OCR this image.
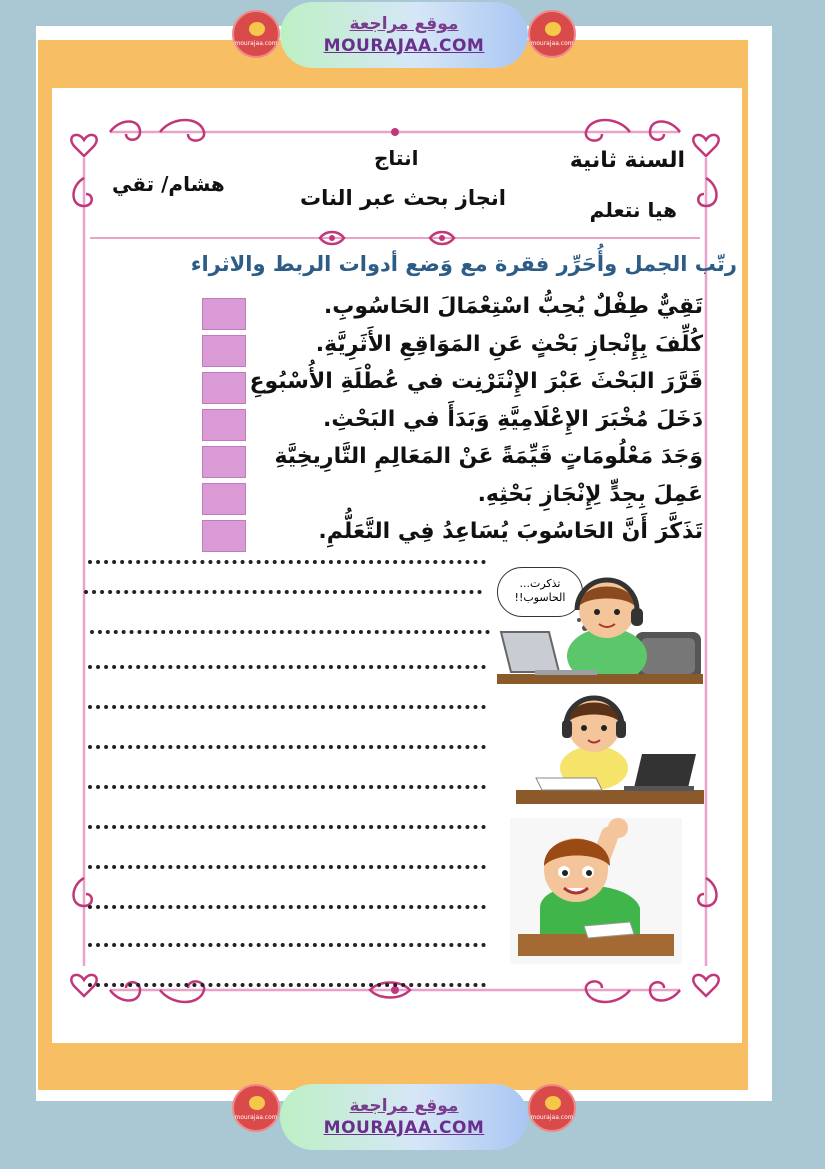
mourajaa.com
موقع مراجعة
MOURAJAA.COM	mourajaa.com
mourajaa.com
موقع مراجعة
MOURAJAA.COM
mourajaa.com
السنة ثانية
هيا نتعلم
انتاج
انجاز بحث عبر النات
هشام/ تقي
رتّب الجمل وأُحَرِّر فقرة مع وَضع أدوات الربط والاثراء
تَقِيٌّ طِفْلٌ يُحِبُّ اسْتِعْمَالَ الحَاسُوبِ.
كُلِّفَ بِإِنْجازِ بَحْثٍ عَنِ المَوَاقِعِ الأَثَرِيَّةِ.
قَرَّرَ البَحْثَ عَبْرَ الإِنْتَرْنِت في عُطْلَةِ الأُسْبُوعِ
دَخَلَ مُخْبَرَ الإِعْلَامِيَّةِ وَبَدَأَ في البَحْثِ.
وَجَدَ مَعْلُومَاتٍ قَيِّمَةً عَنْ المَعَالِمِ التَّارِيخِيَّةِ
عَمِلَ بِجِدٍّ لِإِنْجَازِ بَحْثِهِ.
تَذَكَّرَ أَنَّ الحَاسُوبَ يُسَاعِدُ فِي التَّعَلُّمِ.
تذكرت...
الحاسوب!!
